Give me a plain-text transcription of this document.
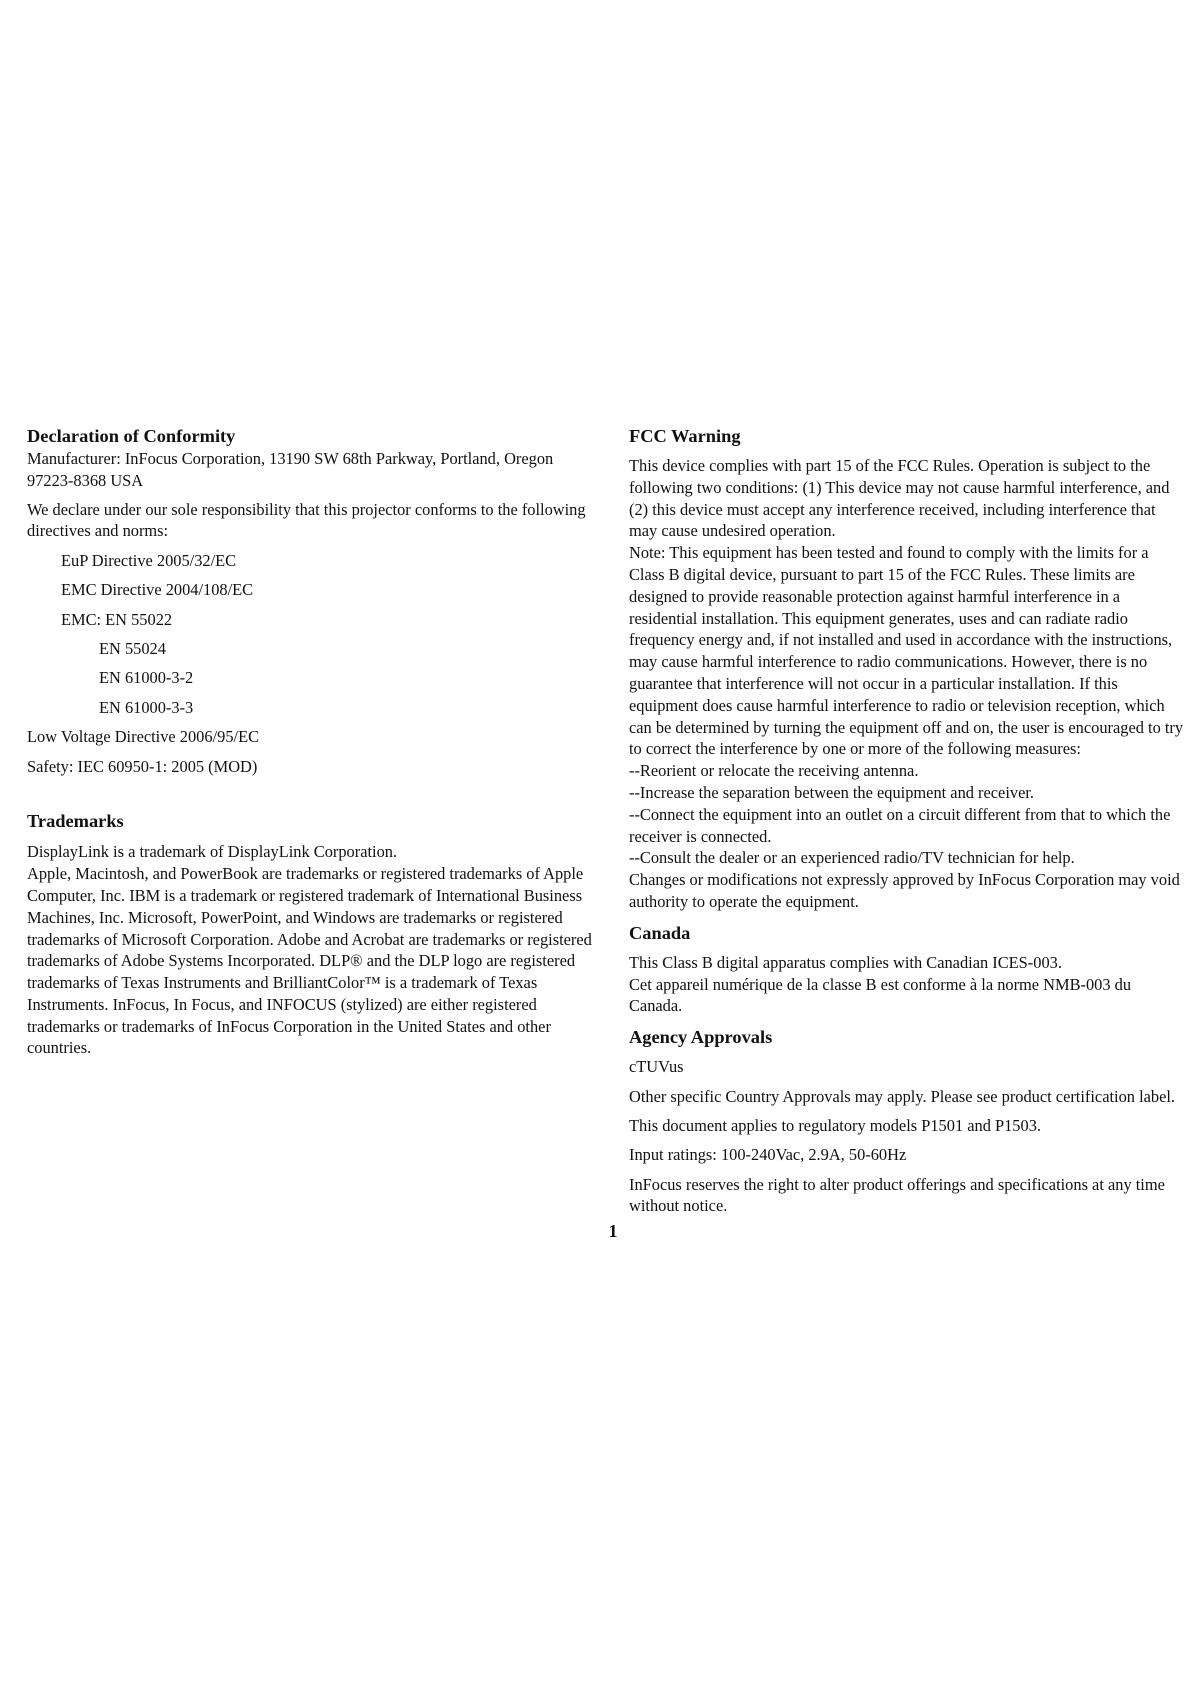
Declaration of Conformity

Manufacturer: InFocus Corporation, 13190 SW 68th Parkway, Portland, Oregon 97223-8368 USA

We declare under our sole responsibility that this projector conforms to the following directives and norms:

EuP Directive 2005/32/EC

EMC Directive 2004/108/EC

EMC: EN 55022

EN 55024

EN 61000-3-2

EN 61000-3-3

Low Voltage Directive 2006/95/EC

Safety: IEC 60950-1: 2005 (MOD)

Trademarks

DisplayLink is a trademark of DisplayLink Corporation.

Apple, Macintosh, and PowerBook are trademarks or registered trademarks of Apple Computer, Inc. IBM is a trademark or registered trademark of International Business Machines, Inc. Microsoft, PowerPoint, and Windows are trademarks or registered trademarks of Microsoft Corporation. Adobe and Acrobat are trademarks or registered trademarks of Adobe Systems Incorporated. DLP® and the DLP logo are registered trademarks of Texas Instruments and BrilliantColor™ is a trademark of Texas Instruments. InFocus, In Focus, and INFOCUS (stylized) are either registered trademarks or trademarks of InFocus Corporation in the United States and other countries.

FCC Warning

This device complies with part 15 of the FCC Rules. Operation is subject to the

following two conditions: (1) This device may not cause harmful interference, and

(2) this device must accept any interference received, including interference that

may cause undesired operation.

Note: This equipment has been tested and found to comply with the limits for a

Class B digital device, pursuant to part 15 of the FCC Rules. These limits are

designed to provide reasonable protection against harmful interference in a

residential installation. This equipment generates, uses and can radiate radio

frequency energy and, if not installed and used in accordance with the instructions,

may cause harmful interference to radio communications. However, there is no

guarantee that interference will not occur in a particular installation. If this

equipment does cause harmful interference to radio or television reception, which

can be determined by turning the equipment off and on, the user is encouraged to try

to correct the interference by one or more of the following measures:

--Reorient or relocate the receiving antenna.

--Increase the separation between the equipment and receiver.

--Connect the equipment into an outlet on a circuit different from that to which the

receiver is connected.

--Consult the dealer or an experienced radio/TV technician for help.

Changes or modifications not expressly approved by InFocus Corporation may void

authority to operate the equipment.

Canada

This Class B digital apparatus complies with Canadian ICES-003.

Cet appareil numérique de la classe B est conforme à la norme NMB-003 du

Canada.

Agency Approvals

cTUVus

Other specific Country Approvals may apply. Please see product certification label.

This document applies to regulatory models P1501 and P1503.

Input ratings: 100-240Vac, 2.9A, 50-60Hz

InFocus reserves the right to alter product offerings and specifications at any time

without notice.

1
